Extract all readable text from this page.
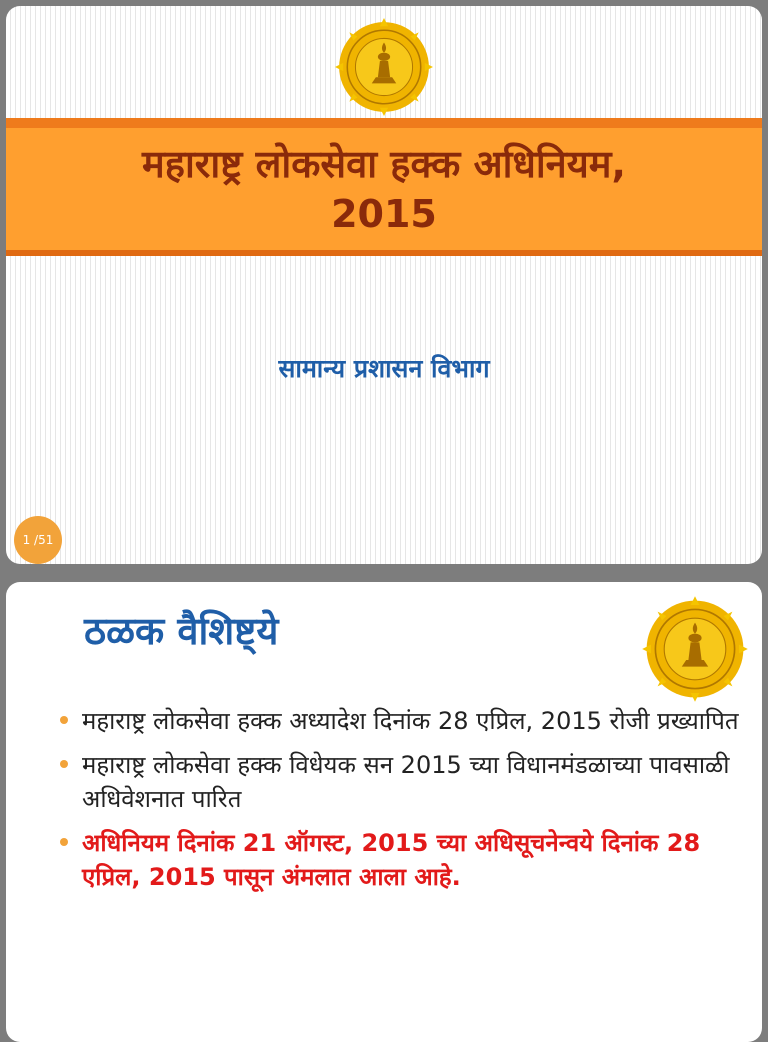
महाराष्ट्र लोकसेवा हक्क अधिनियम,
2015
सामान्य प्रशासन विभाग
1 /51
ठळक वैशिष्ट्ये
महाराष्ट्र लोकसेवा हक्क अध्यादेश दिनांक 28 एप्रिल, 2015 रोजी प्रख्यापित
महाराष्ट्र लोकसेवा हक्क विधेयक सन 2015 च्या विधानमंडळाच्या पावसाळी अधिवेशनात पारित
अधिनियम दिनांक 21 ऑगस्ट, 2015 च्या अधिसूचनेन्वये दिनांक 28 एप्रिल, 2015 पासून अंमलात आला आहे.
